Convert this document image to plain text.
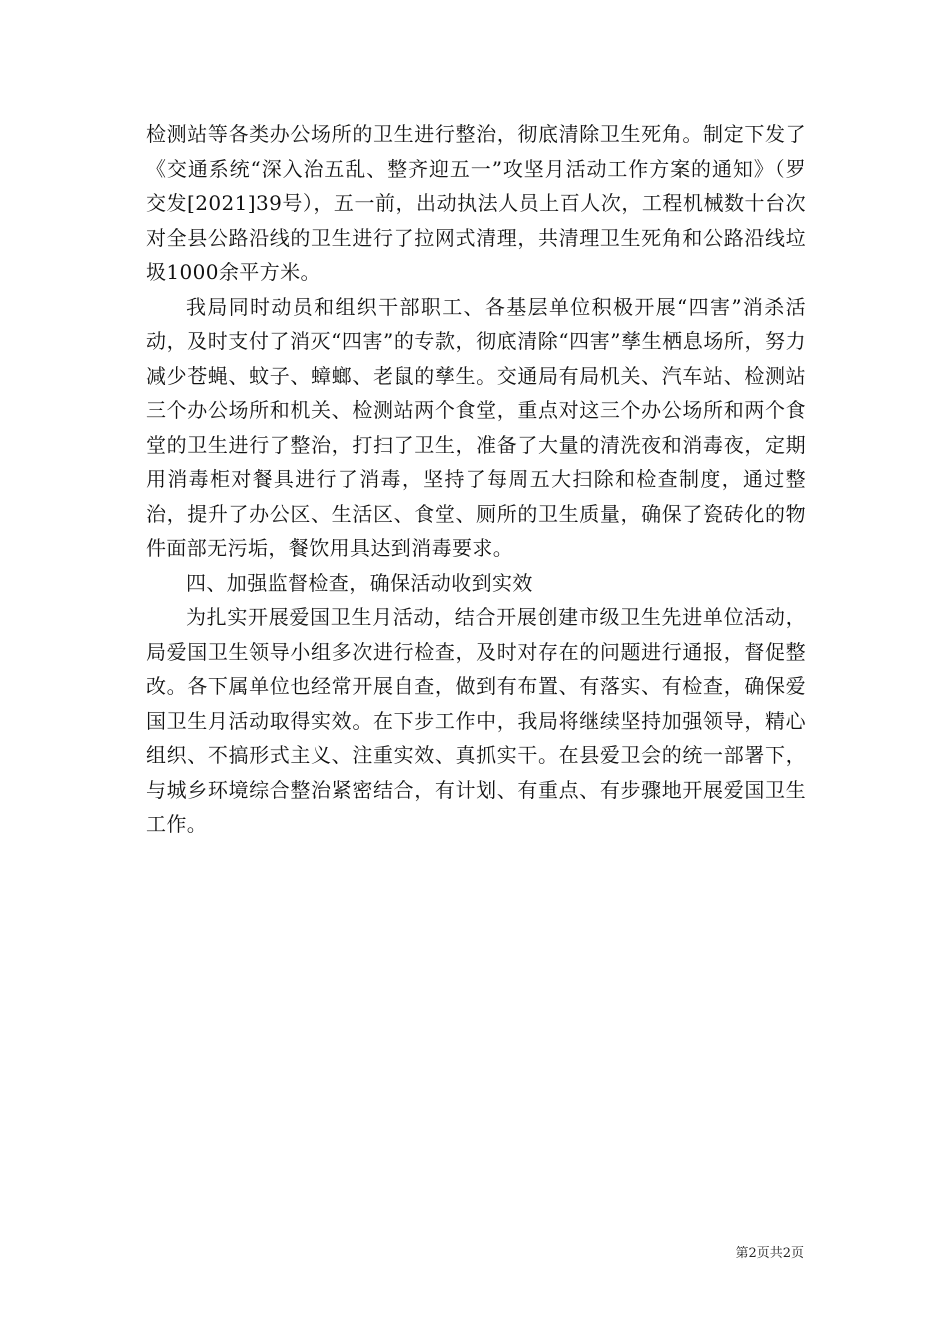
检测站等各类办公场所的卫生进行整治，彻底清除卫生死角。制定下发了《交通系统“深入治五乱、整齐迎五一”攻坚月活动工作方案的通知》（罗交发[2021]39号），五一前，出动执法人员上百人次，工程机械数十台次对全县公路沿线的卫生进行了拉网式清理，共清理卫生死角和公路沿线垃圾1000余平方米。

我局同时动员和组织干部职工、各基层单位积极开展“四害”消杀活动，及时支付了消灭“四害”的专款，彻底清除“四害”孳生栖息场所，努力减少苍蝇、蚊子、蟑螂、老鼠的孳生。交通局有局机关、汽车站、检测站三个办公场所和机关、检测站两个食堂，重点对这三个办公场所和两个食堂的卫生进行了整治，打扫了卫生，准备了大量的清洗夜和消毒夜，定期用消毒柜对餐具进行了消毒，坚持了每周五大扫除和检查制度，通过整治，提升了办公区、生活区、食堂、厕所的卫生质量，确保了瓷砖化的物件面部无污垢，餐饮用具达到消毒要求。

四、加强监督检查，确保活动收到实效

为扎实开展爱国卫生月活动，结合开展创建市级卫生先进单位活动，局爱国卫生领导小组多次进行检查，及时对存在的问题进行通报，督促整改。各下属单位也经常开展自查，做到有布置、有落实、有检查，确保爱国卫生月活动取得实效。在下步工作中，我局将继续坚持加强领导，精心组织、不搞形式主义、注重实效、真抓实干。在县爱卫会的统一部署下，与城乡环境综合整治紧密结合，有计划、有重点、有步骤地开展爱国卫生工作。

第2页共2页
